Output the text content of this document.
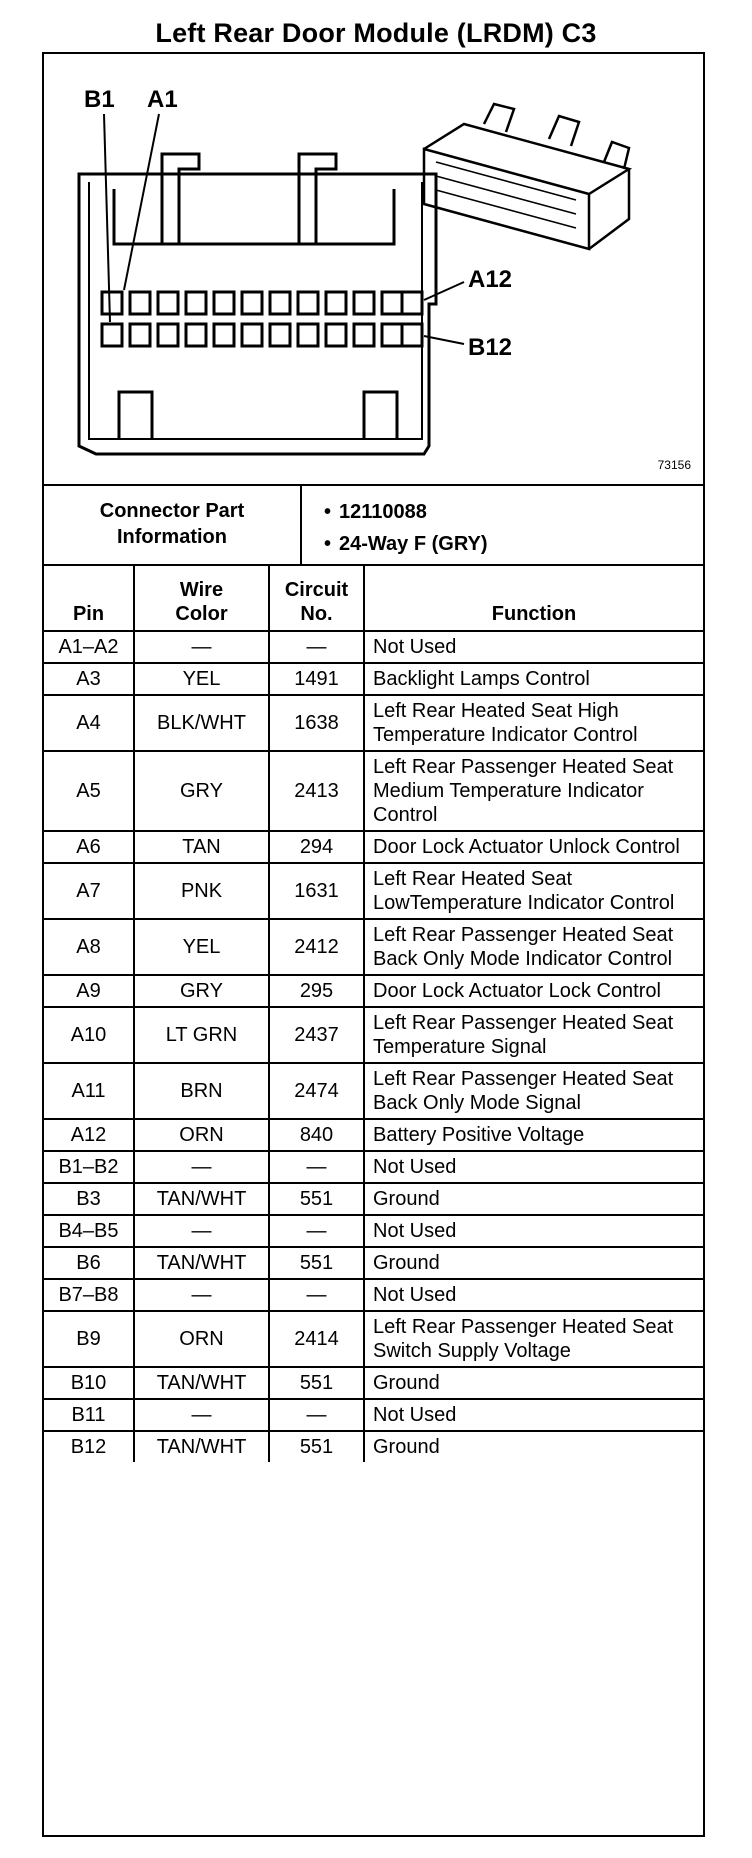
Left Rear Door Module (LRDM) C3
B1 A1
A12
B12
73156
Connector Part Information
• 12110088
• 24-Way F (GRY)
Pin	Wire Color	Circuit No.	Function
A1–A2	—	—	Not Used
A3	YEL	1491	Backlight Lamps Control
A4	BLK/WHT	1638	Left Rear Heated Seat High Temperature Indicator Control
A5	GRY	2413	Left Rear Passenger Heated Seat Medium Temperature Indicator Control
A6	TAN	294	Door Lock Actuator Unlock Control
A7	PNK	1631	Left Rear Heated Seat LowTemperature Indicator Control
A8	YEL	2412	Left Rear Passenger Heated Seat Back Only Mode Indicator Control
A9	GRY	295	Door Lock Actuator Lock Control
A10	LT GRN	2437	Left Rear Passenger Heated Seat Temperature Signal
A11	BRN	2474	Left Rear Passenger Heated Seat Back Only Mode Signal
A12	ORN	840	Battery Positive Voltage
B1–B2	—	—	Not Used
B3	TAN/WHT	551	Ground
B4–B5	—	—	Not Used
B6	TAN/WHT	551	Ground
B7–B8	—	—	Not Used
B9	ORN	2414	Left Rear Passenger Heated Seat Switch Supply Voltage
B10	TAN/WHT	551	Ground
B11	—	—	Not Used
B12	TAN/WHT	551	Ground
